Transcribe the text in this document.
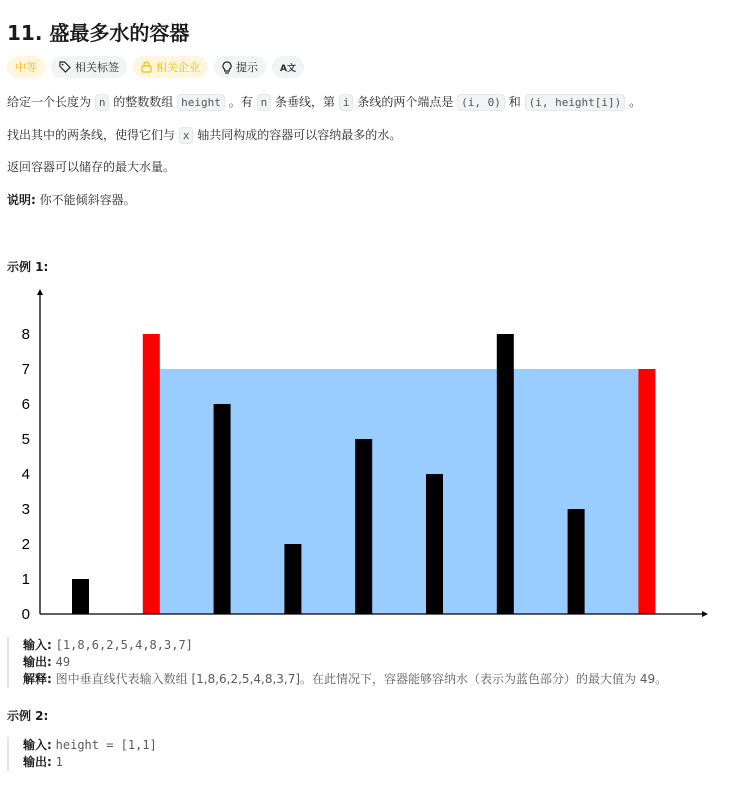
11. 盛最多水的容器
中等	相关标签	相关企业	提示 A文
给定一个长度为 n 的整数数组 height 。有 n 条垂线，第 i 条线的两个端点是 (i, 0) 和 (i, height[i]) 。
找出其中的两条线，使得它们与 x 轴共同构成的容器可以容纳最多的水。
返回容器可以储存的最大水量。
说明: 你不能倾斜容器。
示例 1:
0
1
2
3
4
5
6
7
8
输入: [1,8,6,2,5,4,8,3,7]
输出: 49
解释: 图中垂直线代表输入数组 [1,8,6,2,5,4,8,3,7]。在此情况下，容器能够容纳水（表示为蓝色部分）的最大值为 49。
示例 2:
输入: height = [1,1]
输出: 1
